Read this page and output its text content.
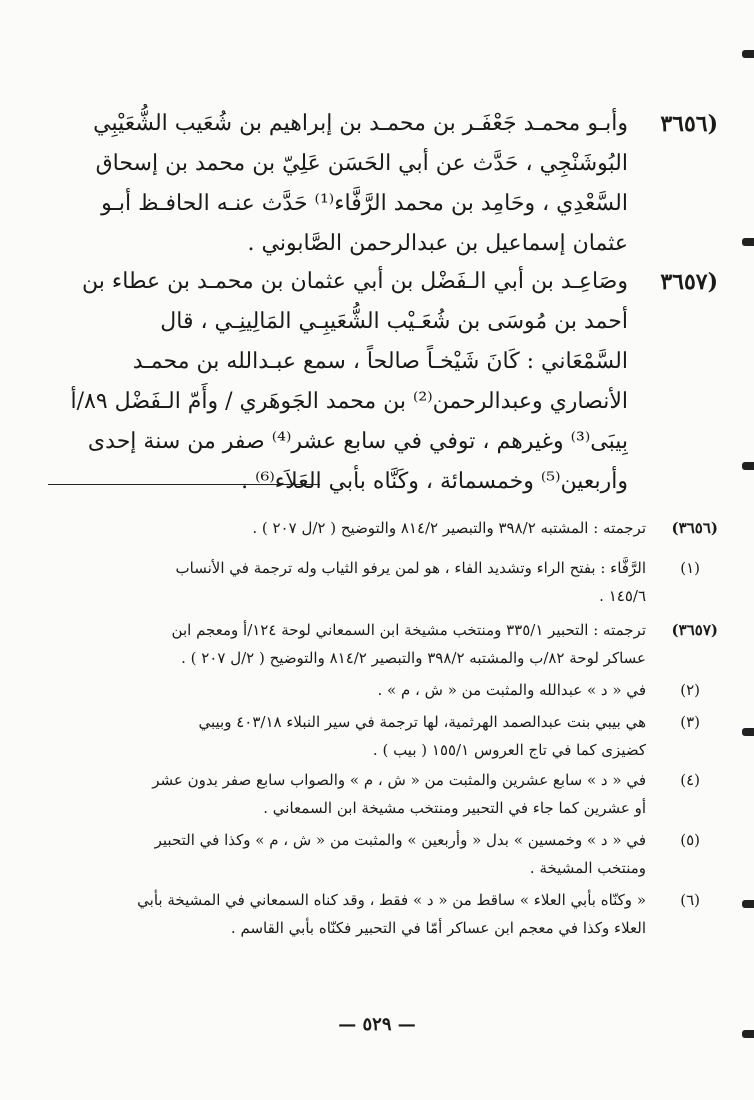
(٣٦٥٦
وأبـو محمـد جَعْفَـر بن محمـد بن إبراهيم بن شُعَيب الشُّعَيْبِي
البُوشَنْجِي ، حَدَّث عن أبي الحَسَن عَلِيّ بن محمد بن إسحاق
السَّعْدِي ، وحَامِد بن محمد الرَّفَّاء⁽¹⁾ حَدَّث عنـه الحافـظ أبـو
عثمان إسماعيل بن عبدالرحمن الصَّابوني .
(٣٦٥٧
وصَاعِـد بن أبي الـفَضْل بن أبي عثمان بن محمـد بن عطاء بن
أحمد بن مُوسَى بن شُعَـيْب الشُّعَيبِـي المَالِينِـي ، قال
السَّمْعَاني : كَانَ شَيْخـاً صالحاً ، سمع عبـدالله بن محمـد
الأنصاري وعبدالرحمن⁽²⁾ بن محمد الجَوهَري / وأَمّ الـفَضْل ٨٩/أ
بِيبَى⁽³⁾ وغيرهم ، توفي في سابع عشر⁽⁴⁾ صفر من سنة إحدى
وأربعين⁽⁵⁾ وخمسمائة ، وكَنَّاه بأبي العَلاَء⁽⁶⁾ .
(٣٦٥٦)
ترجمته : المشتبه ٣٩٨/٢ والتبصير ٨١٤/٢ والتوضيح ( ٢/ل ٢٠٧ ) .
(١)
الرَّفَّاء : بفتح الراء وتشديد الفاء ، هو لمن يرفو الثياب وله ترجمة في الأنساب
١٤٥/٦ .
(٣٦٥٧)
ترجمته : التحبير ٣٣٥/١ ومنتخب مشيخة ابن السمعاني لوحة ١٢٤/أ ومعجم ابن
عساكر لوحة ٨٢/ب والمشتبه ٣٩٨/٢ والتبصير ٨١٤/٢ والتوضيح ( ٢/ل ٢٠٧ ) .
(٢)
في « د » عبدالله والمثبت من « ش ، م » .
(٣)
هي بيبي بنت عبدالصمد الهرثمية، لها ترجمة في سير النبلاء ٤٠٣/١٨ وبيبي
كضيزى كما في تاج العروس ١٥٥/١ ( بيب ) .
(٤)
في « د » سابع عشرين والمثبت من « ش ، م » والصواب سابع صفر بدون عشر
أو عشرين كما جاء في التحبير ومنتخب مشيخة ابن السمعاني .
(٥)
في « د » وخمسين » بدل « وأربعين » والمثبت من « ش ، م » وكذا في التحبير
ومنتخب المشيخة .
(٦)
« وكنّاه بأبي العلاء » ساقط من « د » فقط ، وقد كناه السمعاني في المشيخة بأبي
العلاء وكذا في معجم ابن عساكر أمّا في التحبير فكنّاه بأبي القاسم .
— ٥٢٩ —
